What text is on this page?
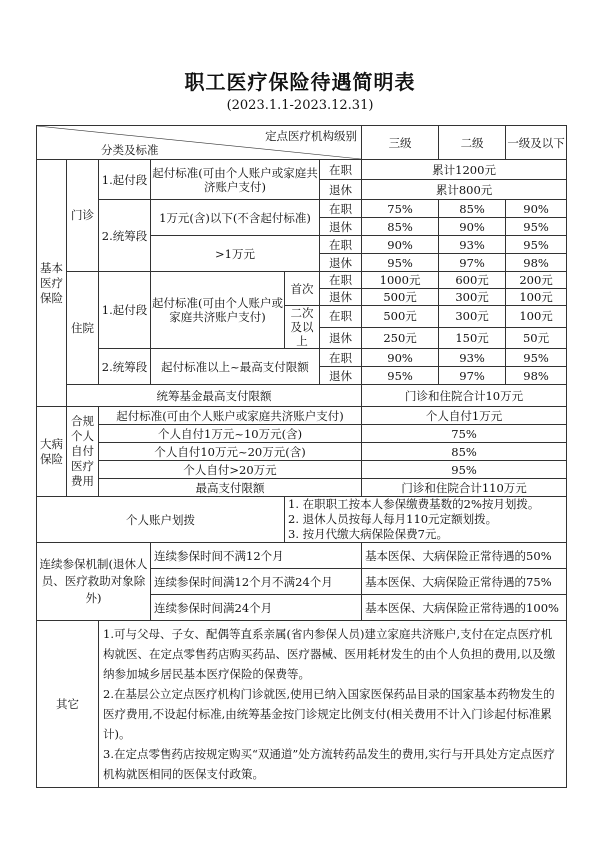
职工医疗保险待遇简明表
(2023.1.1-2023.12.31)
定点医疗机构级别
分类及标准						三级	二级	一级及以下
基本医疗保险	门诊	1.起付段	起付标准(可由个人账户或家庭共济账户支付)		在职	累计1200元		
					退休	累计800元		
		2.统筹段	1万元(含)以下(不含起付标准)		在职	75%	85%	90%
					退休	85%	90%	95%
			>1万元		在职	90%	93%	95%
					退休	95%	97%	98%
	住院	1.起付段	起付标准(可由个人账户或家庭共济账户支付)	首次	在职	1000元	600元	200元
					退休	500元	300元	100元
				二次及以上	在职	500元	300元	100元
					退休	250元	150元	50元
		2.统筹段	起付标准以上~最高支付限额		在职	90%	93%	95%
					退休	95%	97%	98%
	统筹基金最高支付限额					门诊和住院合计10万元		
大病保险	合规个人自付医疗费用	起付标准(可由个人账户或家庭共济账户支付)				个人自付1万元		
		个人自付1万元~10万元(含)				75%		
		个人自付10万元~20万元(含)				85%		
		个人自付>20万元				95%		
		最高支付限额				门诊和住院合计110万元		
个人账户划拨				1. 在职职工按本人参保缴费基数的2%按月划拨。
2. 退休人员按每人每月110元定额划拨。
3. 按月代缴大病保险保费7元。				

连续参保机制(退休人员、医疗救助对象除外)			连续参保时间不满12个月			基本医保、大病保险正常待遇的50%		
			连续参保时间满12个月不满24个月			基本医保、大病保险正常待遇的75%		
			连续参保时间满24个月			基本医保、大病保险正常待遇的100%		
其它		1.可与父母、子女、配偶等直系亲属(省内参保人员)建立家庭共济账户,支付在定点医疗机构就医、在定点零售药店购买药品、医疗器械、医用耗材发生的由个人负担的费用,以及缴纳参加城乡居民基本医疗保险的保费等。
2.在基层公立定点医疗机构门诊就医,使用已纳入国家医保药品目录的国家基本药物发生的医疗费用,不设起付标准,由统筹基金按门诊规定比例支付(相关费用不计入门诊起付标准累计)。
3.在定点零售药店按规定购买“双通道”处方流转药品发生的费用,实行与开具处方定点医疗机构就医相同的医保支付政策。						
